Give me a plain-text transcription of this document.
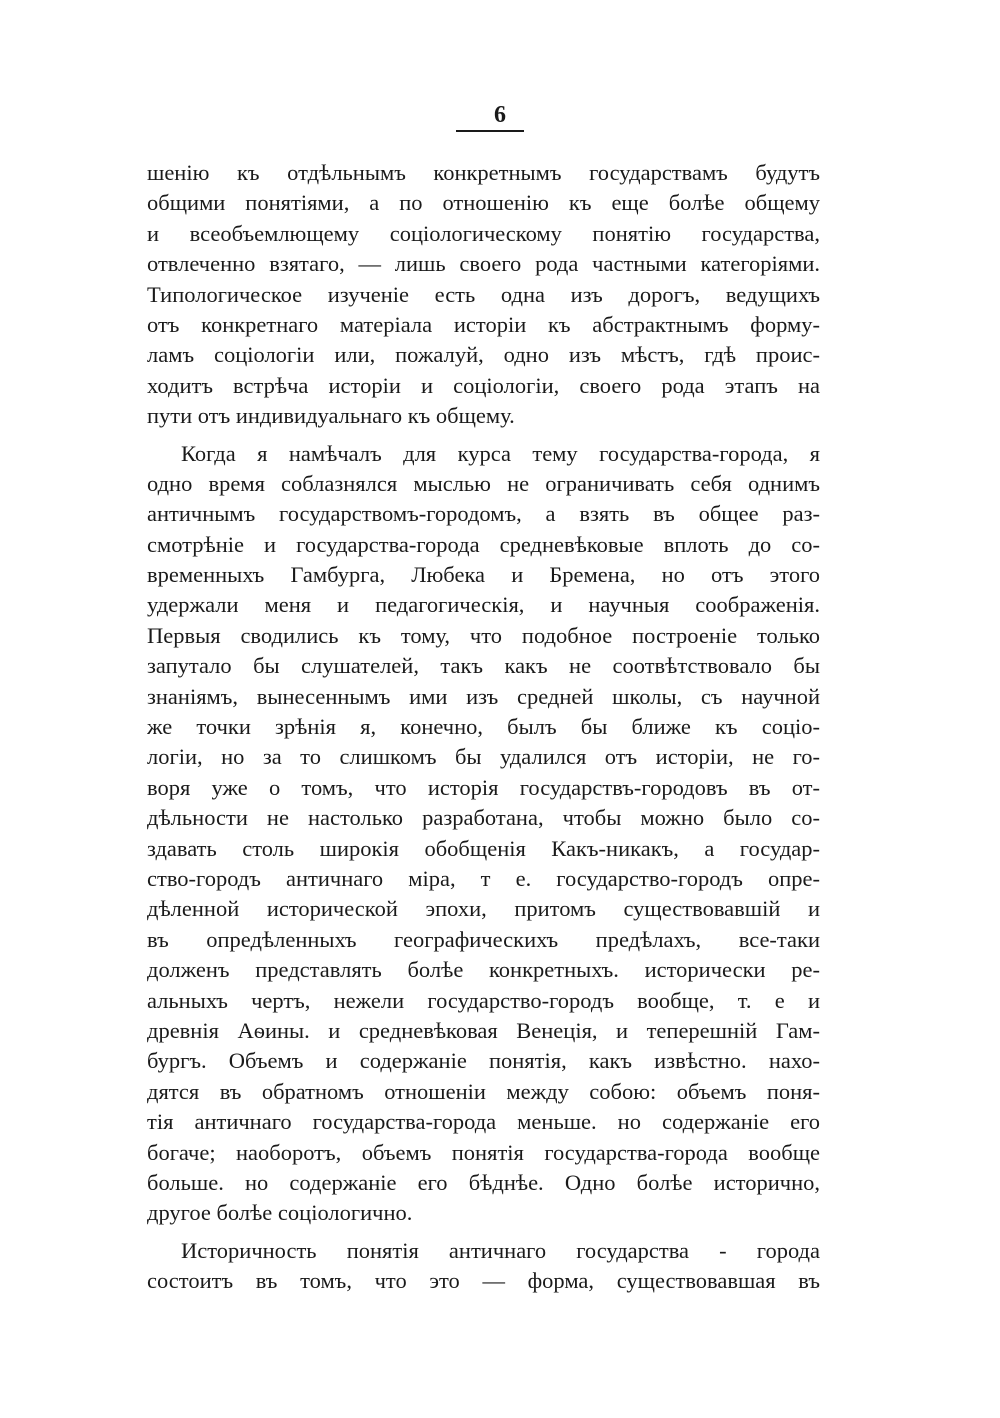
6
шенію къ отдѣльнымъ конкретнымъ государствамъ будутъ
общими понятіями, а по отношенію къ еще болѣе общему
и всеобъемлющему соціологическому понятію государства,
отвлеченно взятаго, — лишь своего рода частными категоріями.
Типологическое изученіе есть одна изъ дорогъ, ведущихъ
отъ конкретнаго матеріала исторіи къ абстрактнымъ форму-
ламъ соціологіи или, пожалуй, одно изъ мѣстъ, гдѣ проис-
ходитъ встрѣча исторіи и соціологіи, своего рода этапъ на
пути отъ индивидуальнаго къ общему.
Когда я намѣчалъ для курса тему государства-города, я
одно время соблазнялся мыслью не ограничивать себя однимъ
античнымъ государствомъ-городомъ, а взять въ общее раз-
смотрѣніе и государства-города средневѣковые вплоть до со-
временныхъ Гамбурга, Любека и Бремена, но отъ этого
удержали меня и педагогическія, и научныя соображенія.
Первыя сводились къ тому, что подобное построеніе только
запутало бы слушателей, такъ какъ не соотвѣтствовало бы
знаніямъ, вынесеннымъ ими изъ средней школы, съ научной
же точки зрѣнія я, конечно, былъ бы ближе къ соціо-
логіи, но за то слишкомъ бы удалился отъ исторіи, не го-
воря уже о томъ, что исторія государствъ-городовъ въ от-
дѣльности не настолько разработана, чтобы можно было со-
здавать столь широкія обобщенія Какъ-никакъ, а государ-
ство-городъ античнаго міра, т е. государство-городъ опре-
дѣленной исторической эпохи, притомъ существовавшій и
въ опредѣленныхъ географическихъ предѣлахъ, все-таки
долженъ представлять болѣе конкретныхъ. исторически ре-
альныхъ чертъ, нежели государство-городъ вообще, т. е и
древнія Аѳины. и средневѣковая Венеція, и теперешній Гам-
бургъ. Объемъ и содержаніе понятія, какъ извѣстно. нахо-
дятся въ обратномъ отношеніи между собою: объемъ поня-
тія античнаго государства-города меньше. но содержаніе его
богаче; наоборотъ, объемъ понятія государства-города вообще
больше. но содержаніе его бѣднѣе. Одно болѣе исторично,
другое болѣе соціологично.
Историчность понятія античнаго государства - города
состоитъ въ томъ, что это — форма, существовавшая въ
